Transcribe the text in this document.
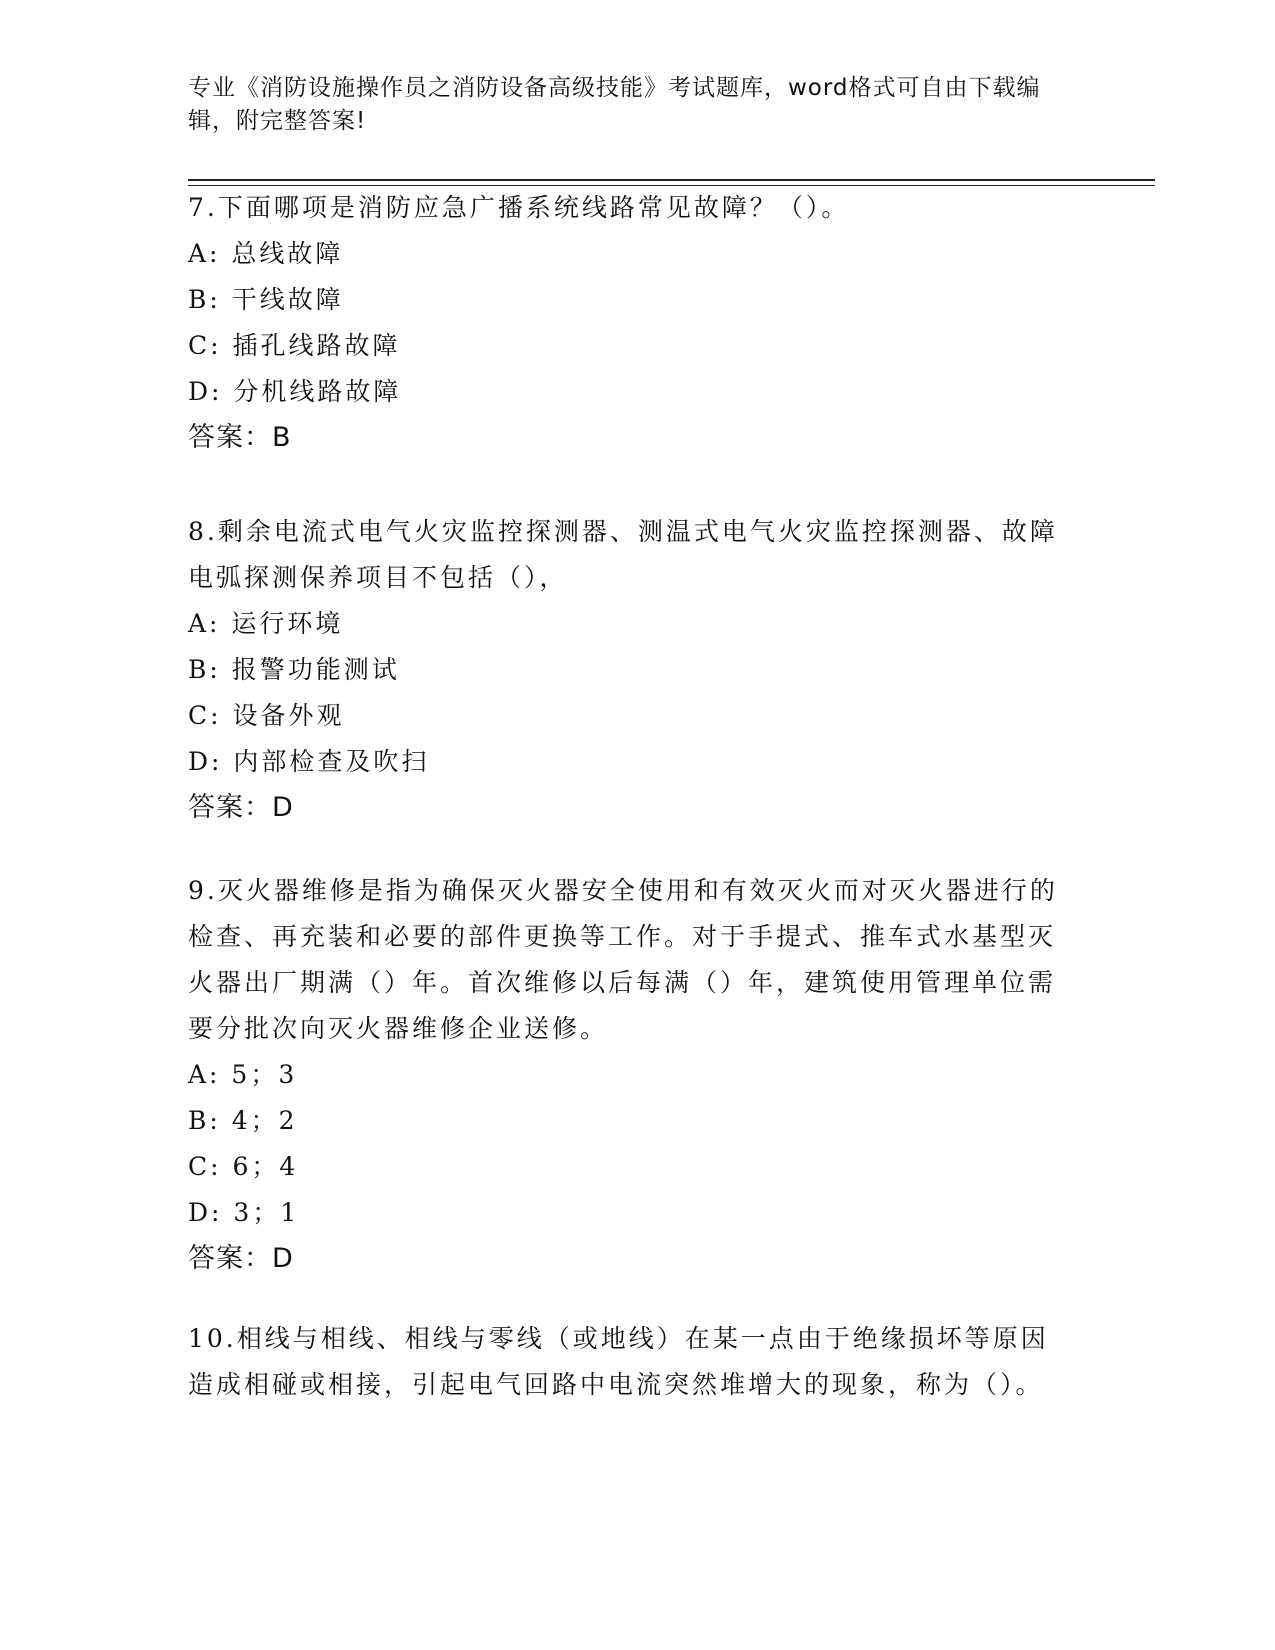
专业《消防设施操作员之消防设备高级技能》考试题库，word格式可自由下载编辑，附完整答案!
7.下面哪项是消防应急广播系统线路常见故障？（）。
A: 总线故障
B: 干线故障
C: 插孔线路故障
D: 分机线路故障
答案：B
8.剩余电流式电气火灾监控探测器、测温式电气火灾监控探测器、故障电弧探测保养项目不包括（），
A: 运行环境
B: 报警功能测试
C: 设备外观
D: 内部检查及吹扫
答案：D
9.灭火器维修是指为确保灭火器安全使用和有效灭火而对灭火器进行的检查、再充装和必要的部件更换等工作。对于手提式、推车式水基型灭火器出厂期满（）年。首次维修以后每满（）年，建筑使用管理单位需要分批次向灭火器维修企业送修。
A: 5；3
B: 4；2
C: 6；4
D: 3；1
答案：D
10.相线与相线、相线与零线（或地线）在某一点由于绝缘损坏等原因造成相碰或相接，引起电气回路中电流突然堆增大的现象，称为（）。
